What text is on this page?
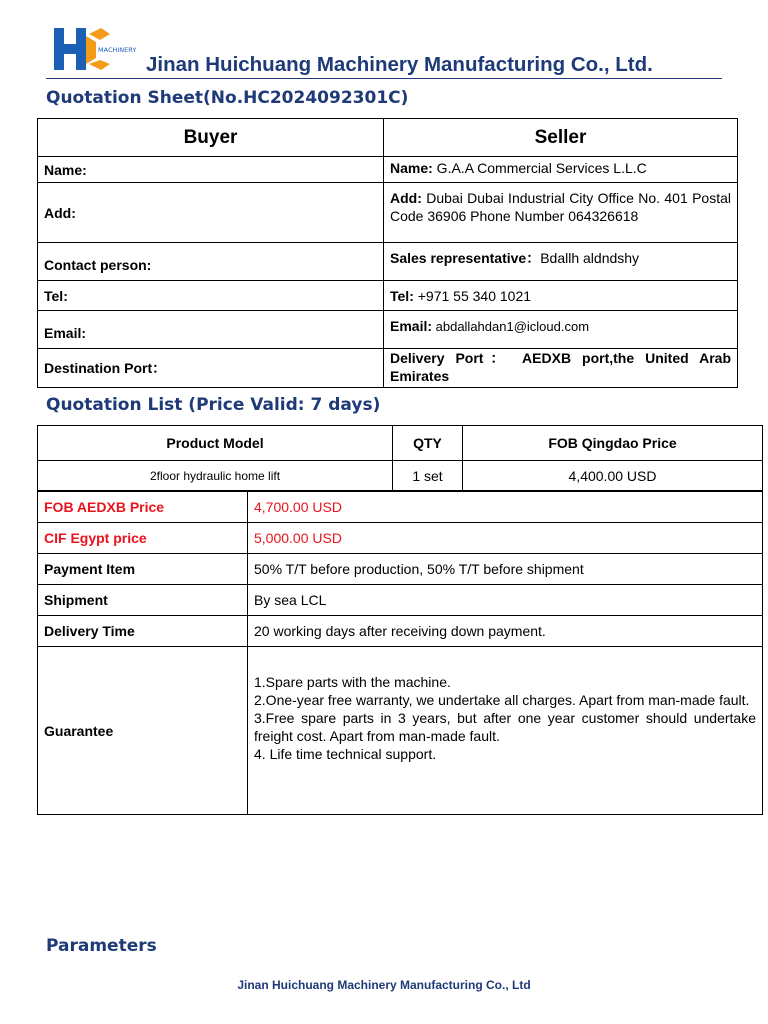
MACHINERY
Jinan Huichuang Machinery Manufacturing Co., Ltd.
Quotation Sheet(No.HC2024092301C)
Buyer	Seller
Name:	Name: G.A.A Commercial Services L.L.C
Add:	Add: Dubai Dubai Industrial City Office No. 401 Postal Code 36906 Phone Number 064326618
Contact person:	Sales representative：Bdallh aldndshy
Tel:	Tel: +971 55 340 1021
Email:	Email: abdallahdan1@icloud.com
Destination Port：	Delivery Port： AEDXB port,the United Arab Emirates
Quotation List (Price Valid: 7 days)
Product Model	QTY	FOB Qingdao Price
2floor hydraulic home lift	1 set	4,400.00 USD
FOB AEDXB Price	4,700.00 USD
CIF Egypt price	5,000.00 USD
Payment Item	50% T/T before production, 50% T/T before shipment
Shipment	By sea LCL
Delivery Time	20 working days after receiving down payment.
Guarantee	1.Spare parts with the machine.
2.One-year free warranty, we undertake all charges. Apart from man-made fault.
3.Free spare parts in 3 years, but after one year customer should undertake freight cost. Apart from man-made fault.
4. Life time technical support.
Parameters
Jinan Huichuang Machinery Manufacturing Co., Ltd
